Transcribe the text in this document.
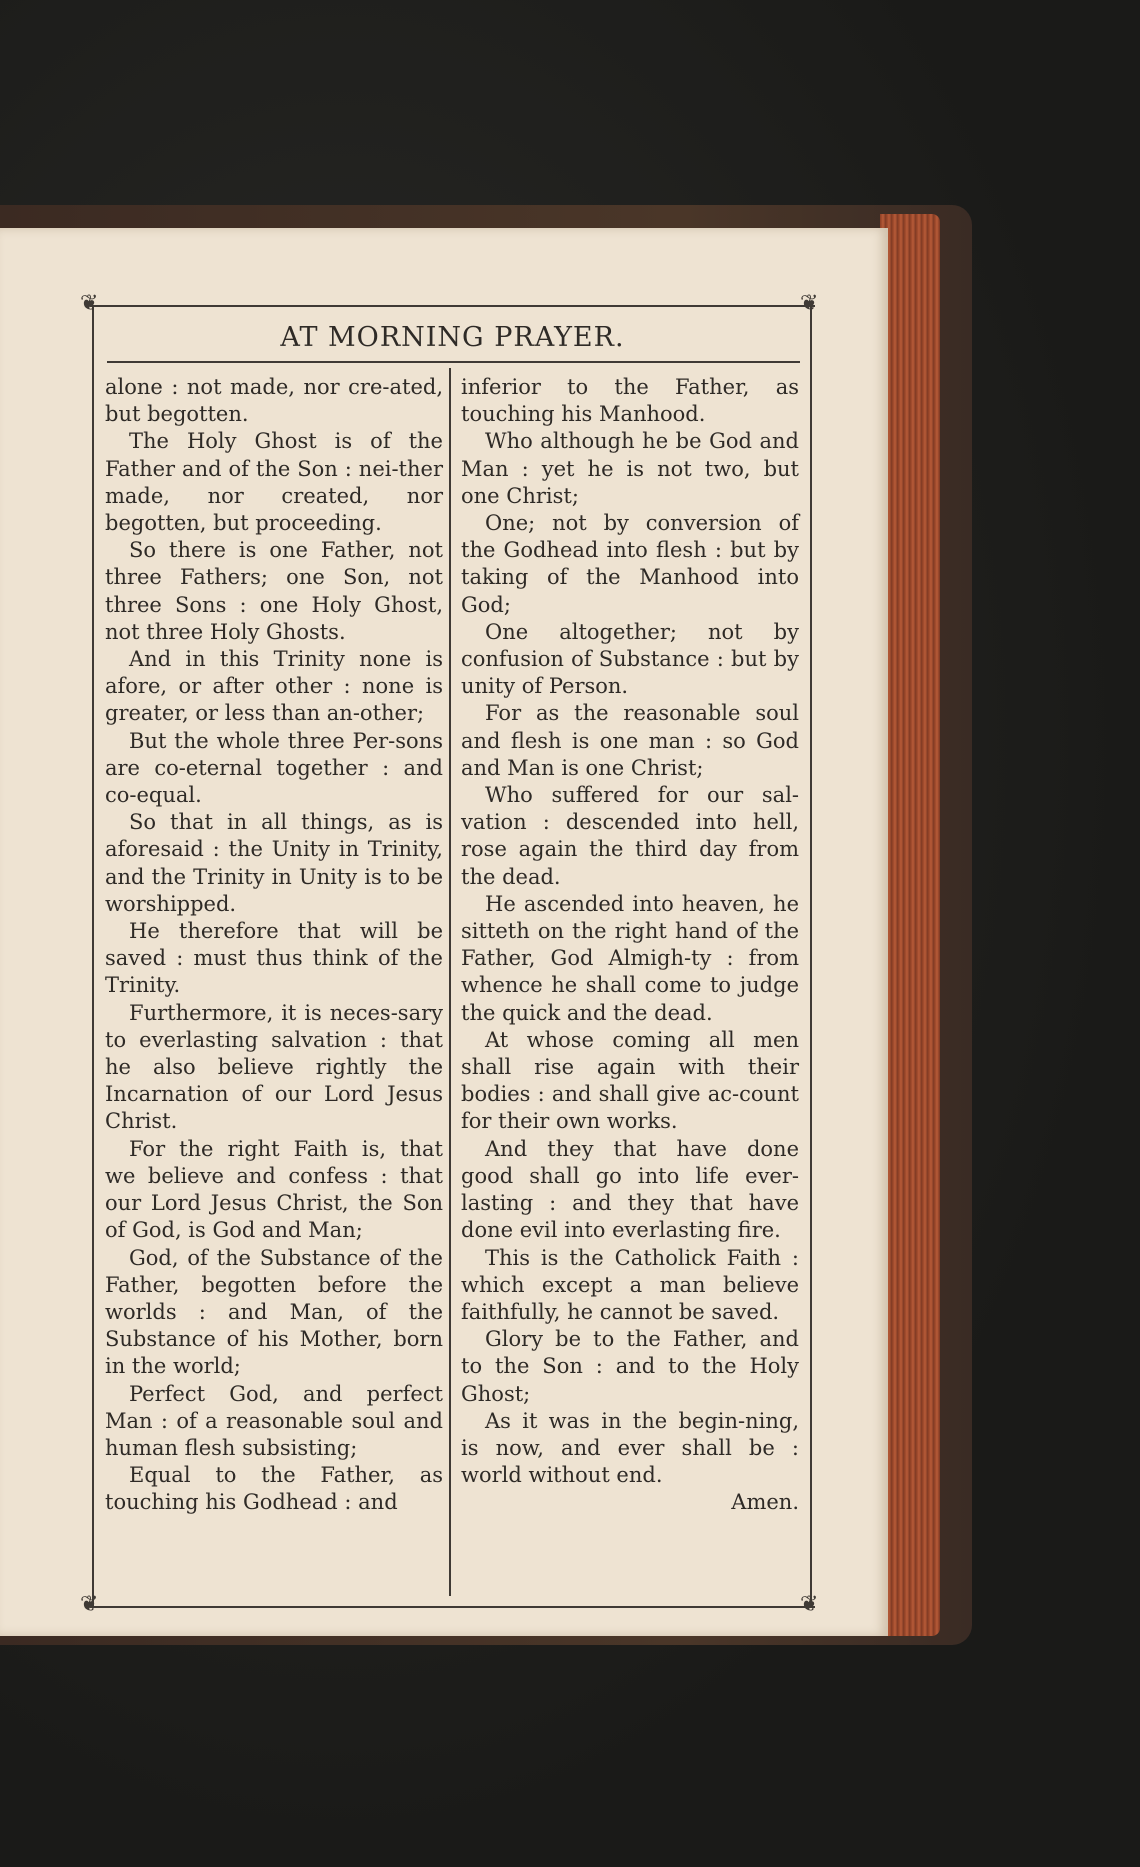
❦	❦
❦	❦
AT MORNING PRAYER.

alone : not made, nor cre-ated, but begotten.

The Holy Ghost is of the Father and of the Son : nei-ther made, nor created, nor begotten, but proceeding.

So there is one Father, not three Fathers; one Son, not three Sons : one Holy Ghost, not three Holy Ghosts.

And in this Trinity none is afore, or after other : none is greater, or less than an-other;

But the whole three Per-sons are co-eternal together : and co-equal.

So that in all things, as is aforesaid : the Unity in Trinity, and the Trinity in Unity is to be worshipped.

He therefore that will be saved : must thus think of the Trinity.

Furthermore, it is neces-sary to everlasting salvation : that he also believe rightly the Incarnation of our Lord Jesus Christ.

For the right Faith is, that we believe and confess : that our Lord Jesus Christ, the Son of God, is God and Man;

God, of the Substance of the Father, begotten before the worlds : and Man, of the Substance of his Mother, born in the world;

Perfect God, and perfect Man : of a reasonable soul and human flesh subsisting;

Equal to the Father, as touching his Godhead : and

inferior to the Father, as touching his Manhood.

Who although he be God and Man : yet he is not two, but one Christ;

One; not by conversion of the Godhead into flesh : but by taking of the Manhood into God;

One altogether; not by confusion of Substance : but by unity of Person.

For as the reasonable soul and flesh is one man : so God and Man is one Christ;

Who suffered for our sal-vation : descended into hell, rose again the third day from the dead.

He ascended into heaven, he sitteth on the right hand of the Father, God Almigh-ty : from whence he shall come to judge the quick and the dead.

At whose coming all men shall rise again with their bodies : and shall give ac-count for their own works.

And they that have done good shall go into life ever-lasting : and they that have done evil into everlasting fire.

This is the Catholick Faith : which except a man believe faithfully, he cannot be saved.

Glory be to the Father, and to the Son : and to the Holy Ghost;

As it was in the begin-ning, is now, and ever shall be : world without end.

Amen.
